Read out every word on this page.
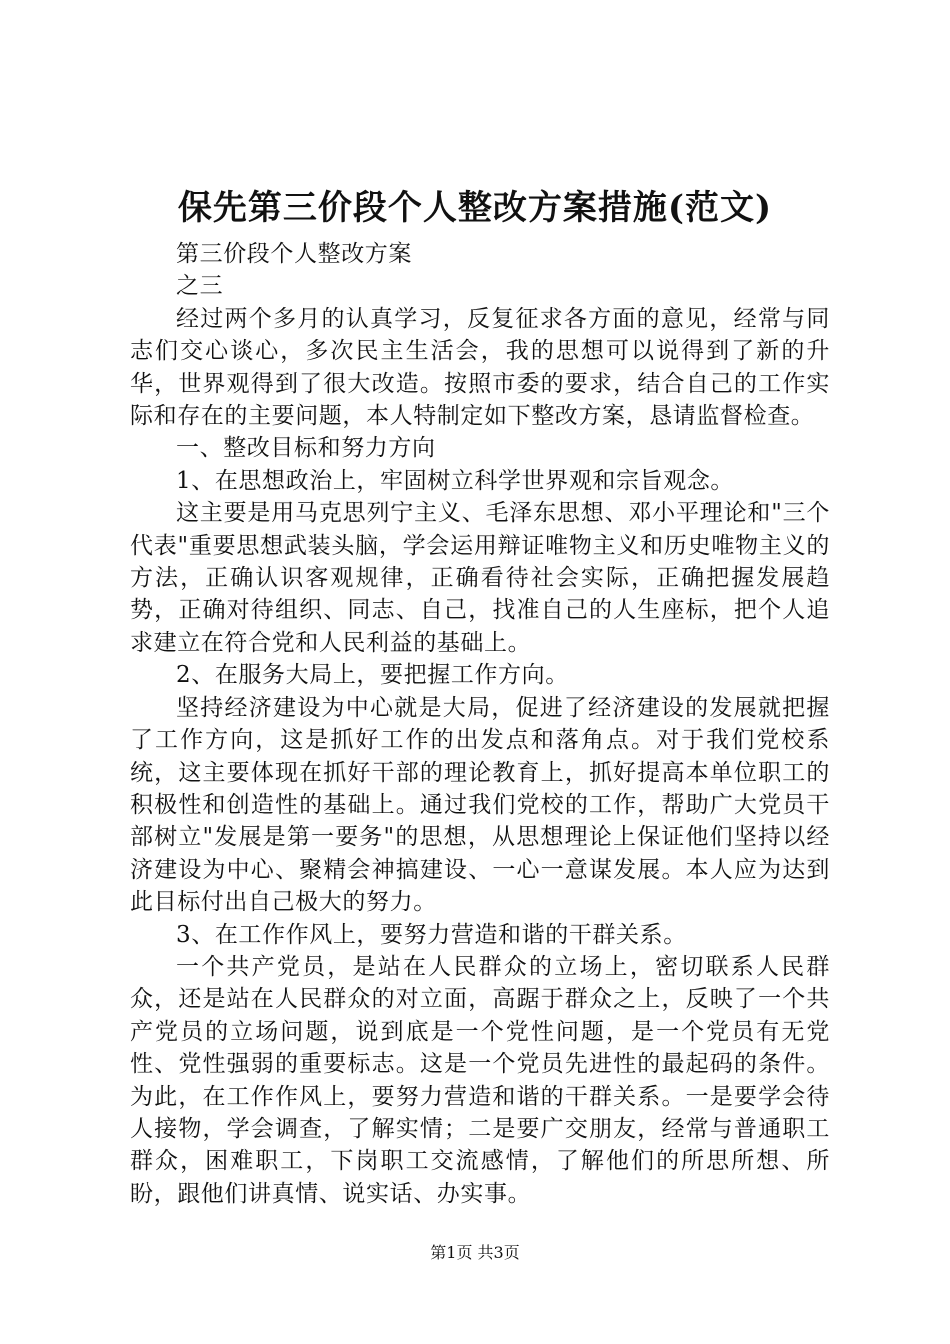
保先第三价段个人整改方案措施(范文)

第三价段个人整改方案

之三

经过两个多月的认真学习，反复征求各方面的意见，经常与同志们交心谈心，多次民主生活会，我的思想可以说得到了新的升华，世界观得到了很大改造。按照市委的要求，结合自己的工作实际和存在的主要问题，本人特制定如下整改方案，恳请监督检查。

一、整改目标和努力方向

1、在思想政治上，牢固树立科学世界观和宗旨观念。

这主要是用马克思列宁主义、毛泽东思想、邓小平理论和"三个代表"重要思想武装头脑，学会运用辩证唯物主义和历史唯物主义的方法，正确认识客观规律，正确看待社会实际，正确把握发展趋势，正确对待组织、同志、自己，找准自己的人生座标，把个人追求建立在符合党和人民利益的基础上。

2、在服务大局上，要把握工作方向。

坚持经济建设为中心就是大局，促进了经济建设的发展就把握了工作方向，这是抓好工作的出发点和落角点。对于我们党校系统，这主要体现在抓好干部的理论教育上，抓好提高本单位职工的积极性和创造性的基础上。通过我们党校的工作，帮助广大党员干部树立"发展是第一要务"的思想，从思想理论上保证他们坚持以经济建设为中心、聚精会神搞建设、一心一意谋发展。本人应为达到此目标付出自己极大的努力。

3、在工作作风上，要努力营造和谐的干群关系。

一个共产党员，是站在人民群众的立场上，密切联系人民群众，还是站在人民群众的对立面，高踞于群众之上，反映了一个共产党员的立场问题，说到底是一个党性问题，是一个党员有无党性、党性强弱的重要标志。这是一个党员先进性的最起码的条件。为此，在工作作风上，要努力营造和谐的干群关系。一是要学会待人接物，学会调查，了解实情；二是要广交朋友，经常与普通职工群众，困难职工，下岗职工交流感情，了解他们的所思所想、所盼，跟他们讲真情、说实话、办实事。

第1页 共3页
